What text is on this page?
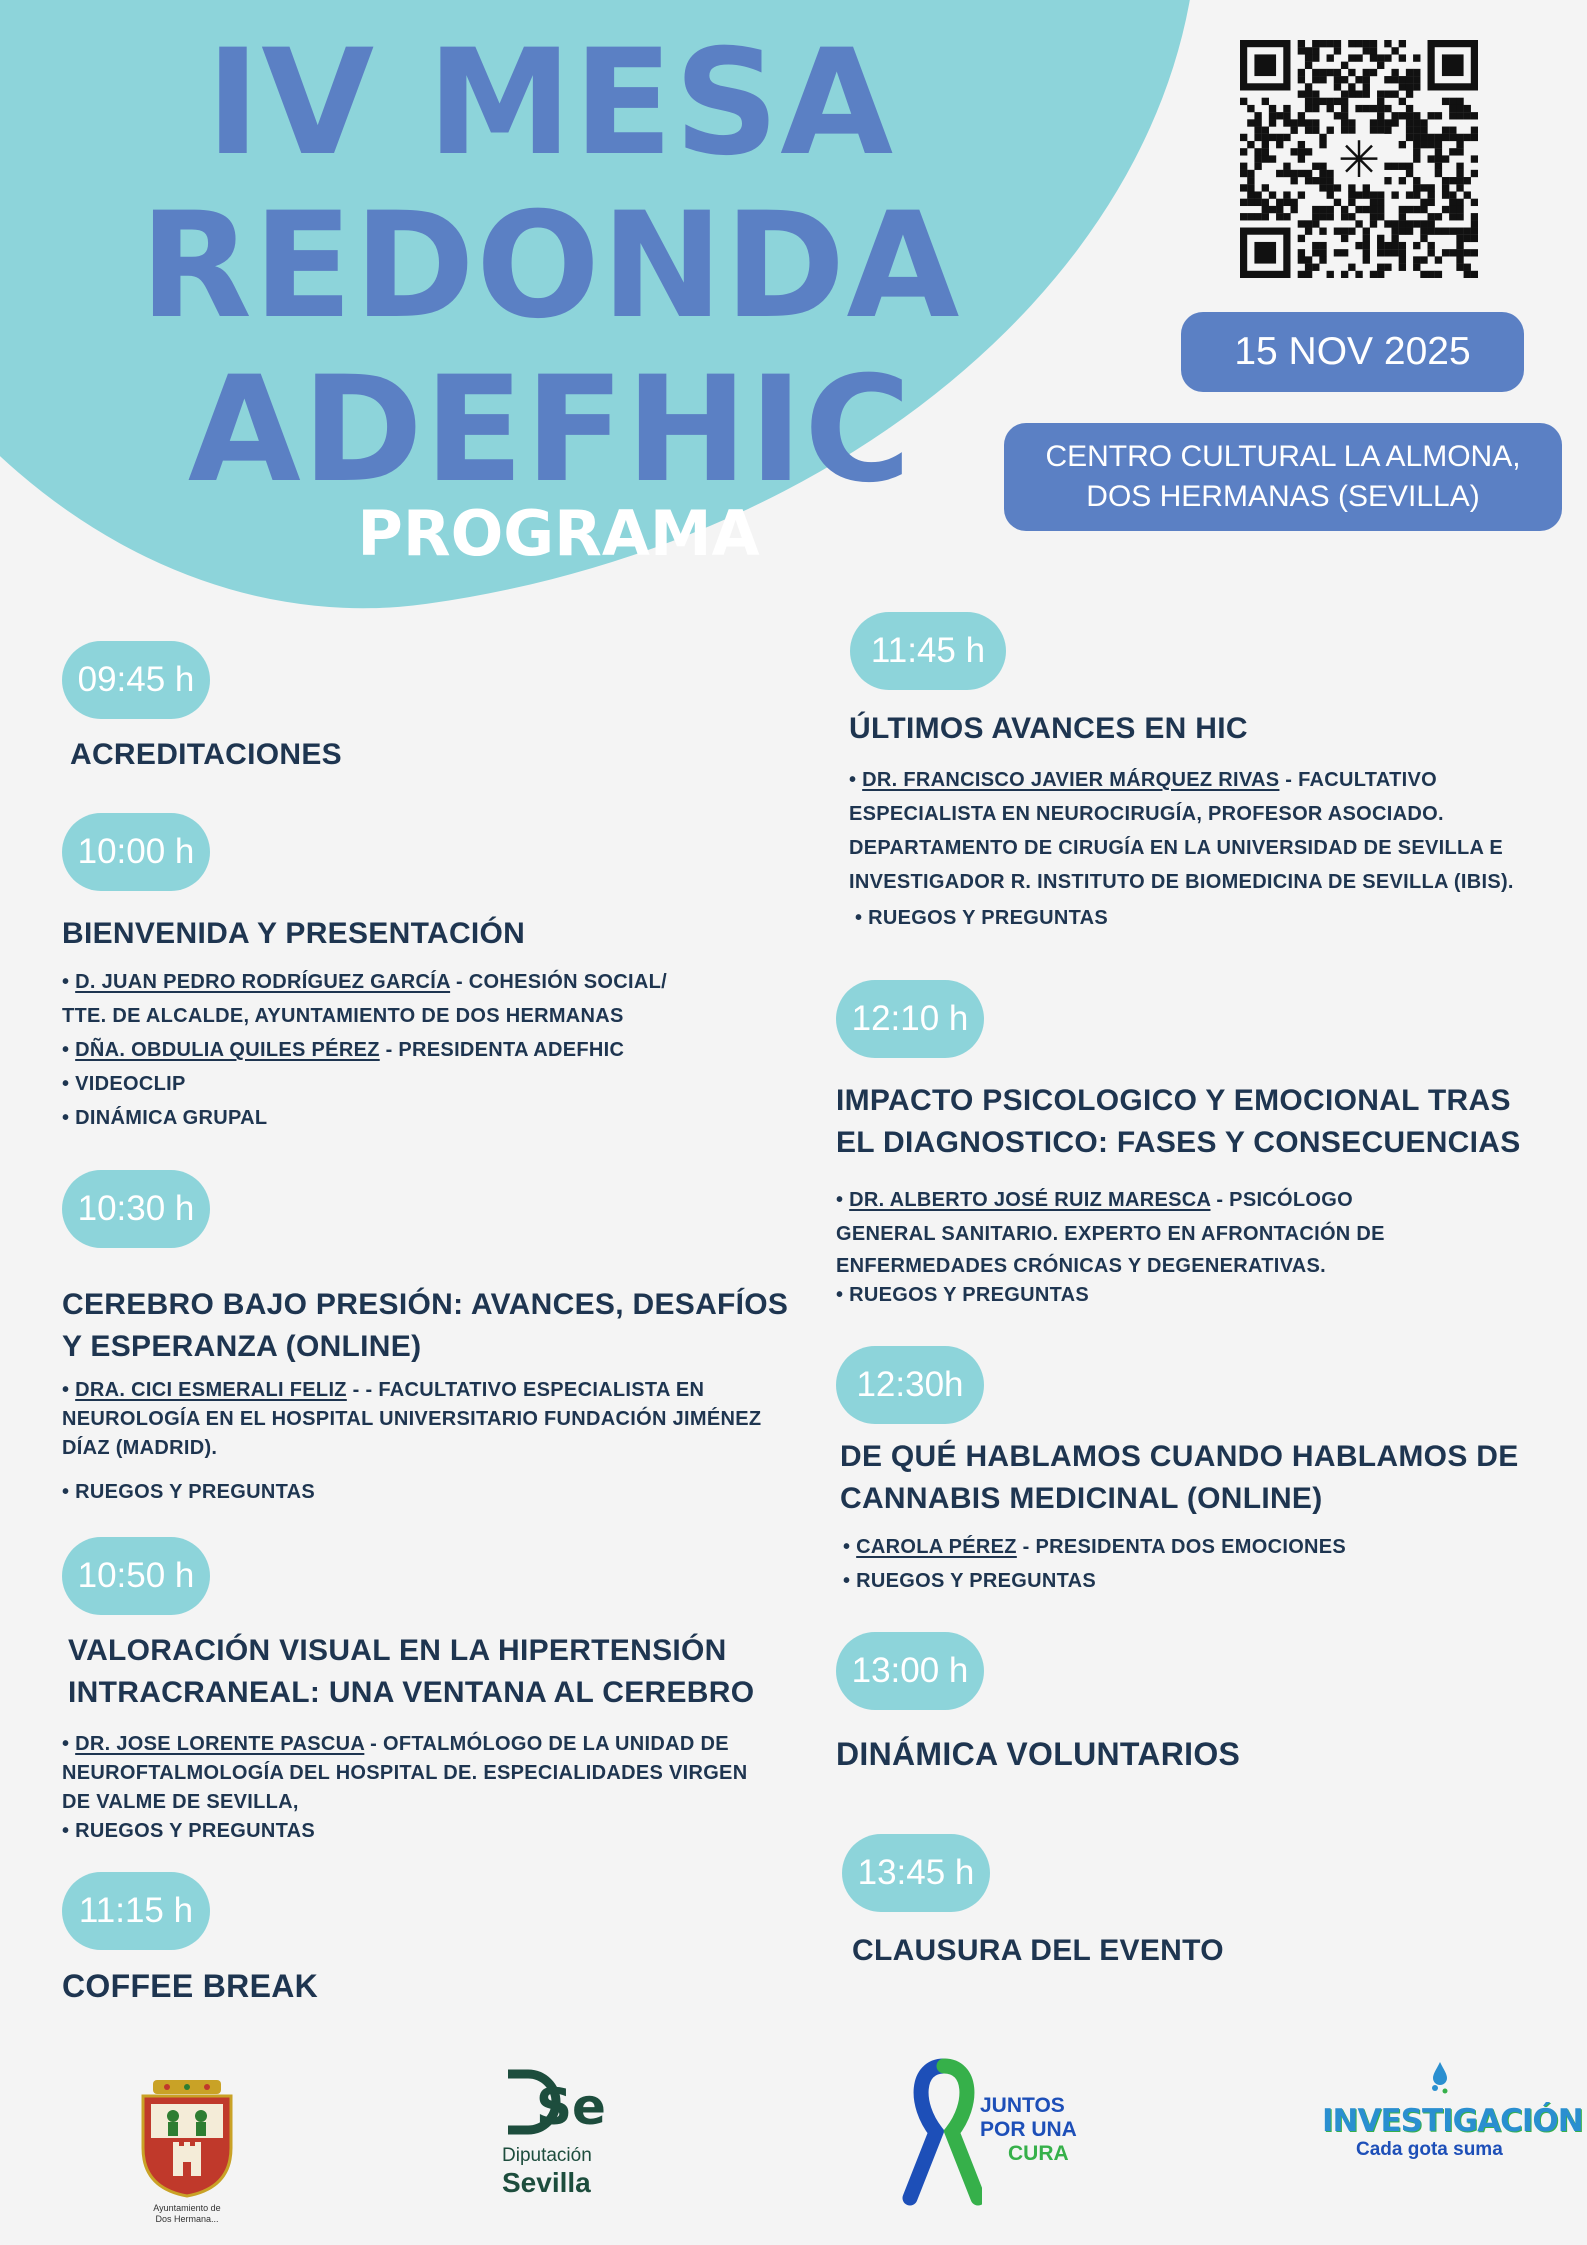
IV MESA
REDONDA
ADEFHIC
PROGRAMA
✳
15 NOV 2025
CENTRO CULTURAL LA ALMONA,
DOS HERMANAS (SEVILLA)
09:45 h
ACREDITACIONES
10:00 h
BIENVENIDA Y PRESENTACIÓN
• D. JUAN PEDRO RODRÍGUEZ GARCÍA - COHESIÓN SOCIAL/
TTE. DE ALCALDE, AYUNTAMIENTO DE DOS HERMANAS
• DÑA. OBDULIA QUILES PÉREZ - PRESIDENTA ADEFHIC
• VIDEOCLIP
• DINÁMICA GRUPAL
10:30 h
CEREBRO BAJO PRESIÓN: AVANCES, DESAFÍOS
Y ESPERANZA (ONLINE)
• DRA. CICI ESMERALI FELIZ - - FACULTATIVO ESPECIALISTA EN
NEUROLOGÍA EN EL HOSPITAL UNIVERSITARIO FUNDACIÓN JIMÉNEZ
DÍAZ (MADRID).
• RUEGOS Y PREGUNTAS
10:50 h
VALORACIÓN VISUAL EN LA HIPERTENSIÓN
INTRACRANEAL: UNA VENTANA AL CEREBRO
• DR. JOSE LORENTE PASCUA - OFTALMÓLOGO DE LA UNIDAD DE
NEUROFTALMOLOGÍA DEL HOSPITAL DE. ESPECIALIDADES VIRGEN
DE VALME DE SEVILLA,
• RUEGOS Y PREGUNTAS
11:15 h
COFFEE BREAK
11:45 h
ÚLTIMOS AVANCES EN HIC
• DR. FRANCISCO JAVIER MÁRQUEZ RIVAS - FACULTATIVO
ESPECIALISTA EN NEUROCIRUGÍA, PROFESOR ASOCIADO.
DEPARTAMENTO DE CIRUGÍA EN LA UNIVERSIDAD DE SEVILLA E
INVESTIGADOR R. INSTITUTO DE BIOMEDICINA DE SEVILLA (IBIS).
• RUEGOS Y PREGUNTAS
12:10 h
IMPACTO PSICOLOGICO Y EMOCIONAL TRAS
EL DIAGNOSTICO: FASES Y CONSECUENCIAS
• DR. ALBERTO JOSÉ RUIZ MARESCA - PSICÓLOGO
GENERAL SANITARIO. EXPERTO EN AFRONTACIÓN DE
ENFERMEDADES CRÓNICAS Y DEGENERATIVAS.
• RUEGOS Y PREGUNTAS
12:30h
DE QUÉ HABLAMOS CUANDO HABLAMOS DE
CANNABIS MEDICINAL (ONLINE)
• CAROLA PÉREZ - PRESIDENTA DOS EMOCIONES
• RUEGOS Y PREGUNTAS
13:00 h
DINÁMICA VOLUNTARIOS
13:45 h
CLAUSURA DEL EVENTO
Ayuntamiento de
Dos Hermana...
Se
Diputación
Sevilla
JUNTOS
POR UNA
CURA
INVESTIGACIÓN
Cada gota suma
